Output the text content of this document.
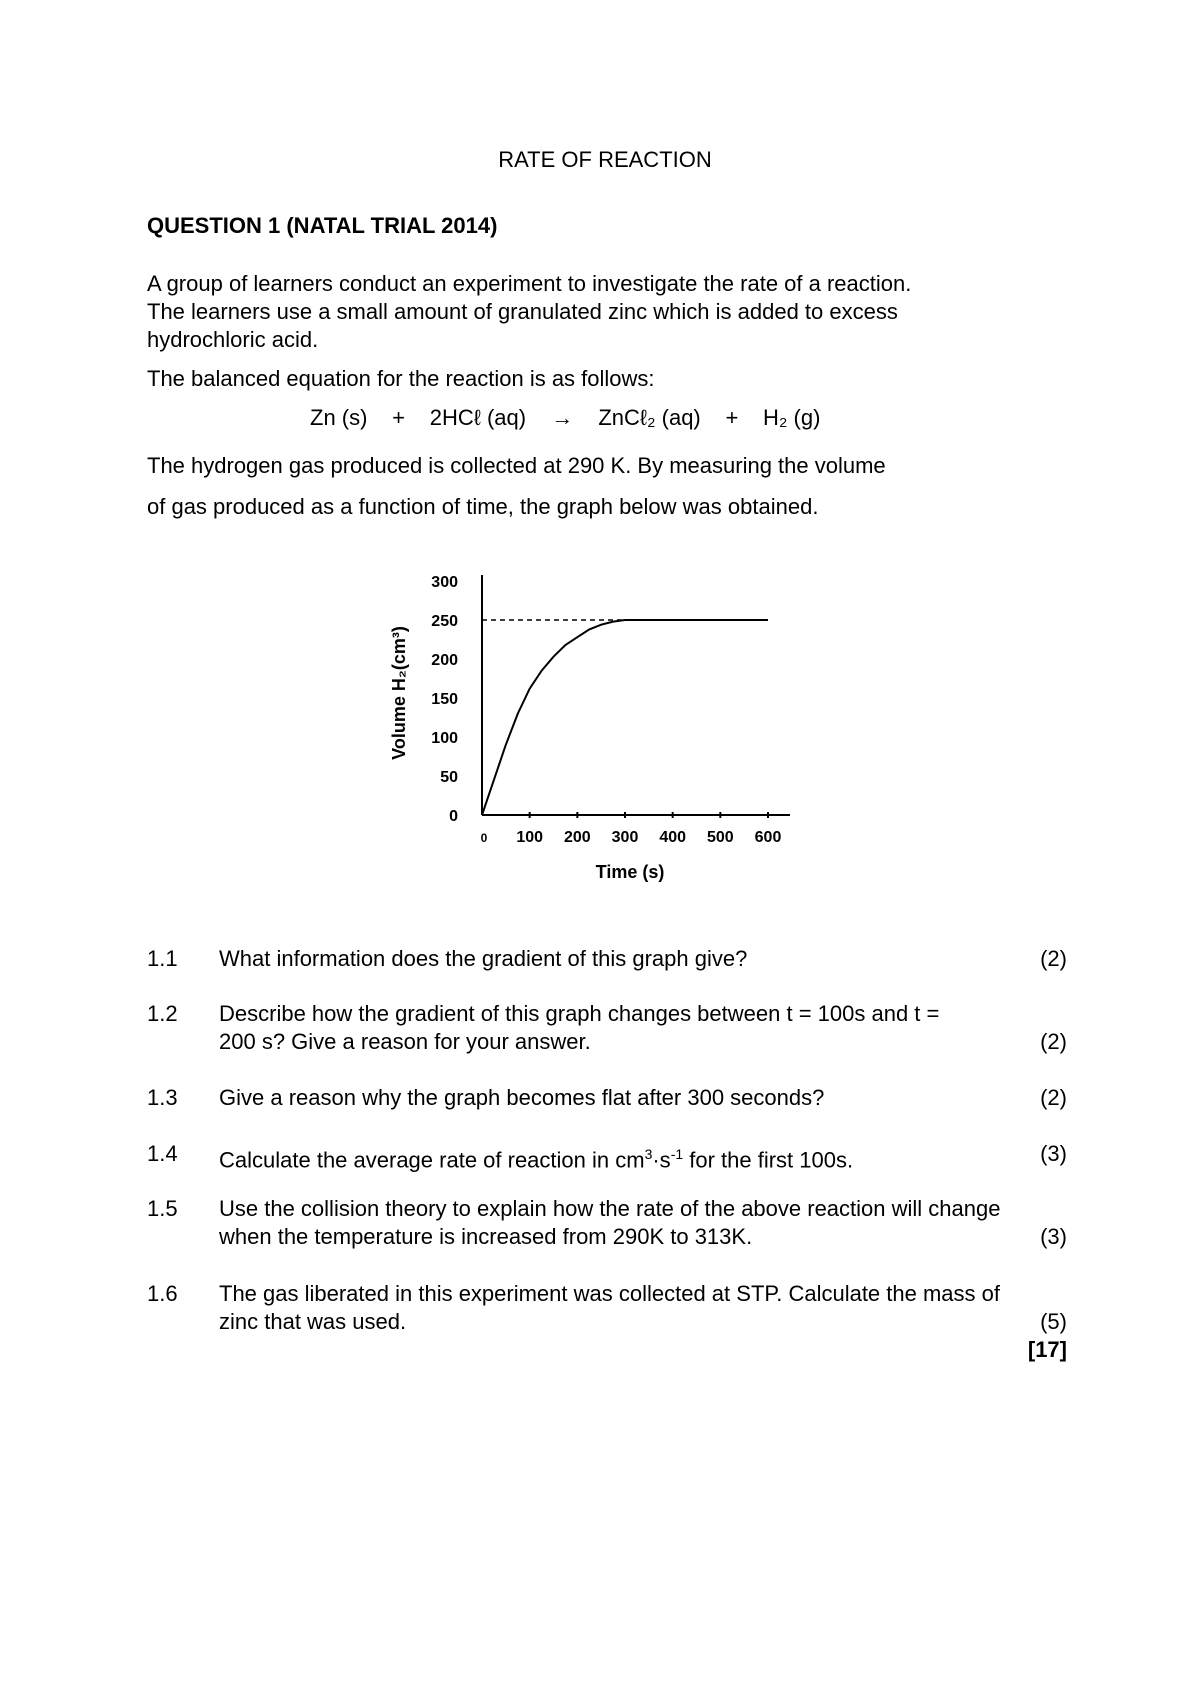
RATE OF REACTION
QUESTION 1 (NATAL TRIAL 2014)
A group of learners conduct an experiment to investigate the rate of a reaction.
The learners use a small amount of granulated zinc which is added to excess
hydrochloric acid.
The balanced equation for the reaction is as follows:
Zn (s) + 2HCℓ (aq) → ZnCℓ₂ (aq) + H₂ (g)
The hydrogen gas produced is collected at 290 K. By measuring the volume
of gas produced as a function of time, the graph below was obtained.
0 100 200 300 400 500 600
0
50
100
150
200
250
300
Time (s)
Volume H₂(cm³)
1.1 What information does the gradient of this graph give?	(2)
1.2 Describe how the gradient of this graph changes between t = 100s and t = 200 s? Give a reason for your answer.	(2)
1.3 Give a reason why the graph becomes flat after 300 seconds?	(2)
1.4 Calculate the average rate of reaction in $cm^3\cdot s^{-1}$ for the first 100s.	(3)
1.5 Use the collision theory to explain how the rate of the above reaction will change when the temperature is increased from 290K to 313K.	(3)
1.6 The gas liberated in this experiment was collected at STP. Calculate the mass of zinc that was used.	(5)
[17]
